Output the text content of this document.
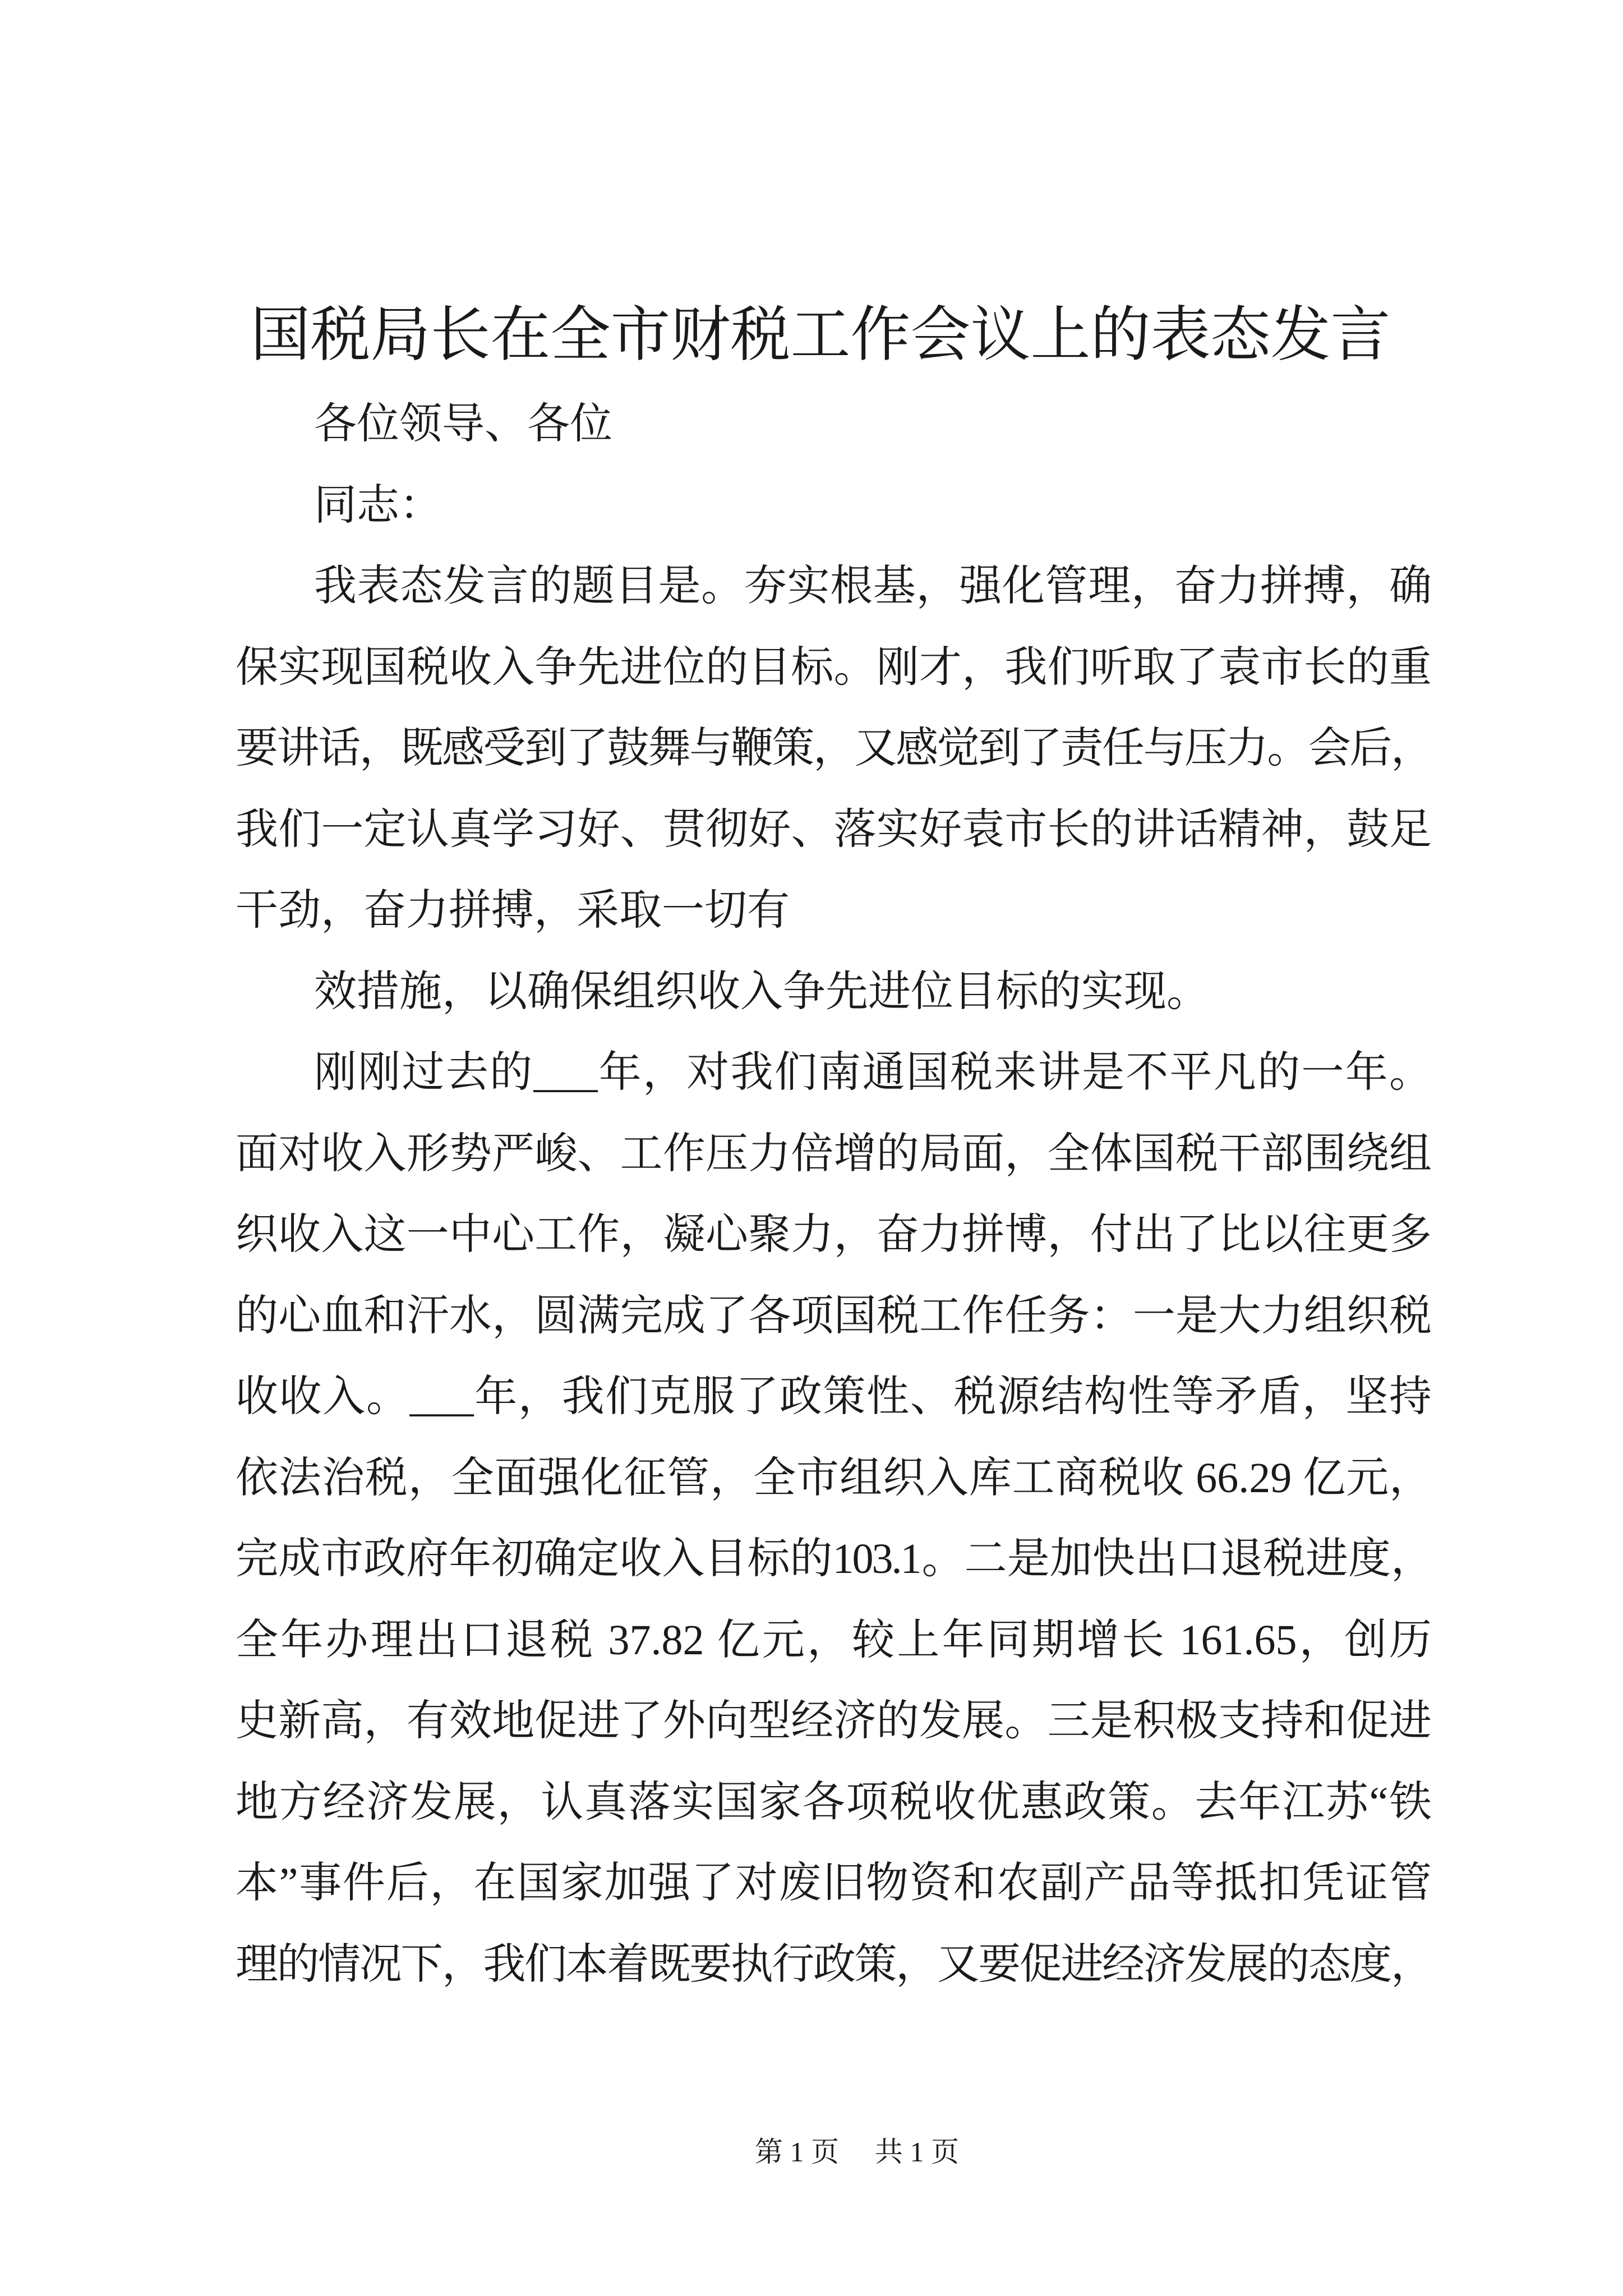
国税局长在全市财税工作会议上的表态发言
各位领导、各位
同志：
我表态发言的题目是。夯实根基，强化管理，奋力拼搏，确
保实现国税收入争先进位的目标。刚才，我们听取了袁市长的重
要讲话，既感受到了鼓舞与鞭策，又感觉到了责任与压力。会后，
我们一定认真学习好、贯彻好、落实好袁市长的讲话精神，鼓足
干劲，奋力拼搏，采取一切有
效措施，以确保组织收入争先进位目标的实现。
刚刚过去的___年，对我们南通国税来讲是不平凡的一年。
面对收入形势严峻、工作压力倍增的局面，全体国税干部围绕组
织收入这一中心工作，凝心聚力，奋力拼博，付出了比以往更多
的心血和汗水，圆满完成了各项国税工作任务：一是大力组织税
收收入。___年，我们克服了政策性、税源结构性等矛盾，坚持
依法治税，全面强化征管，全市组织入库工商税收 66.29 亿元，
完成市政府年初确定收入目标的103.1。二是加快出口退税进度，
全年办理出口退税 37.82 亿元，较上年同期增长 161.65，创历
史新高，有效地促进了外向型经济的发展。三是积极支持和促进
地方经济发展，认真落实国家各项税收优惠政策。去年江苏“铁
本”事件后，在国家加强了对废旧物资和农副产品等抵扣凭证管
理的情况下，我们本着既要执行政策，又要促进经济发展的态度，
第 1 页 共 1 页
